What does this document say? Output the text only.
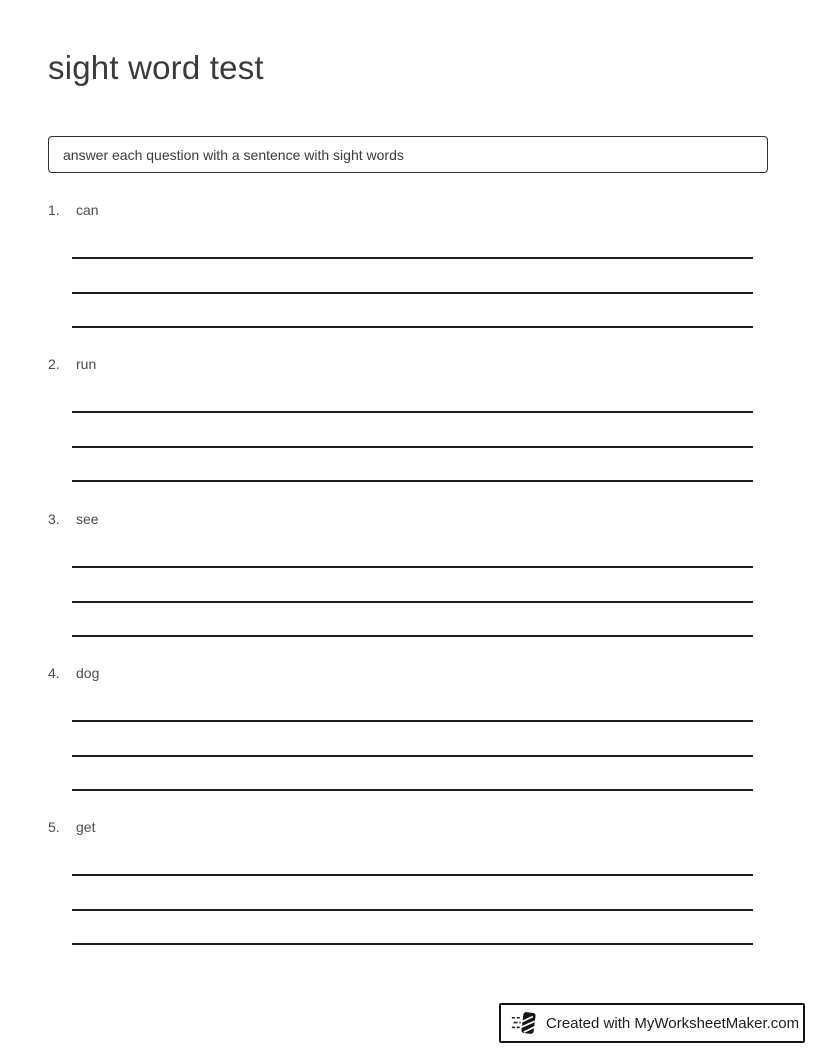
sight word test
answer each question with a sentence with sight words
1.	can
2.	run
3.	see
4.	dog
5.	get
Created with MyWorksheetMaker.com
